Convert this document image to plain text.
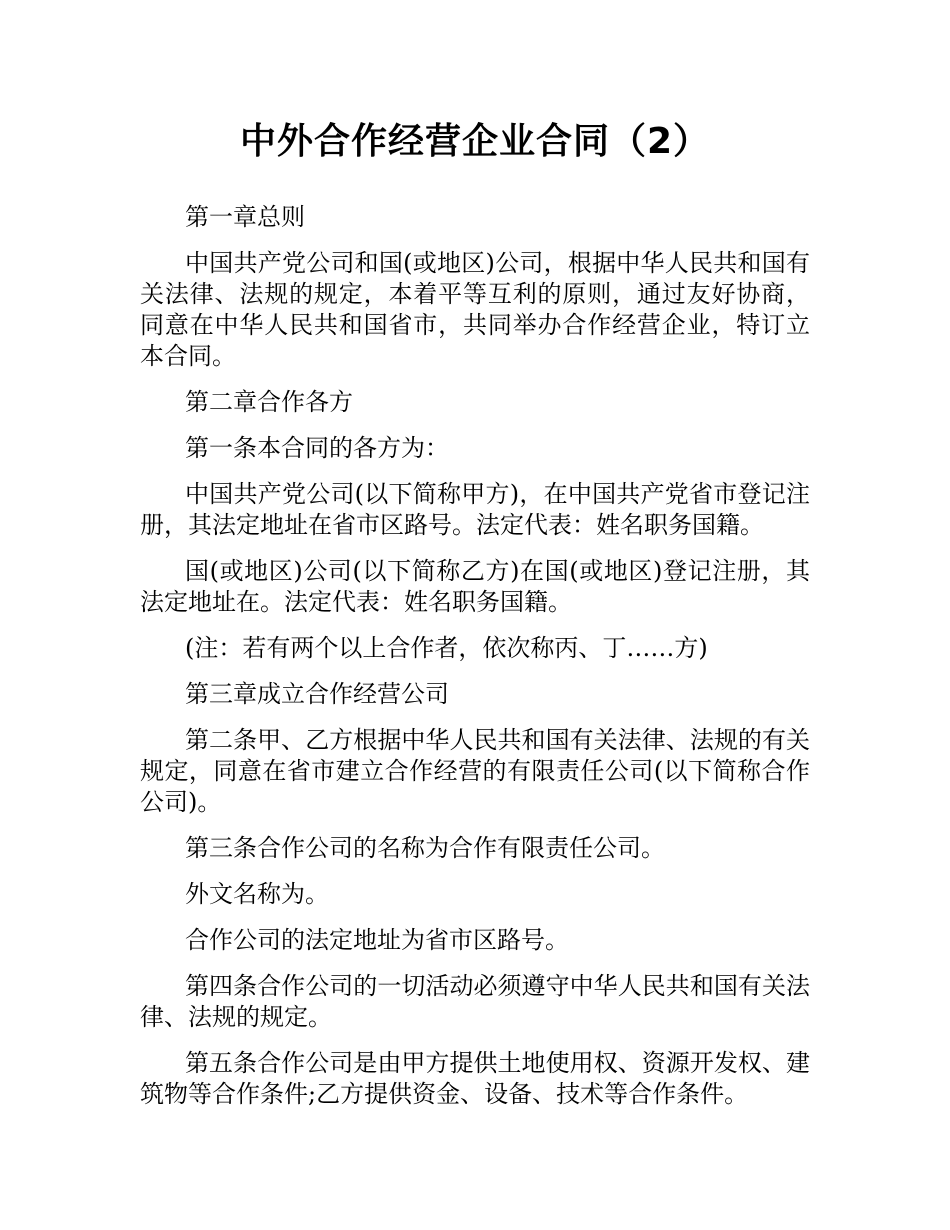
中外合作经营企业合同（2）

第一章总则

中国共产党公司和国(或地区)公司，根据中华人民共和国有关法律、法规的规定，本着平等互利的原则，通过友好协商，同意在中华人民共和国省市，共同举办合作经营企业，特订立本合同。

第二章合作各方

第一条本合同的各方为：

中国共产党公司(以下简称甲方)，在中国共产党省市登记注册，其法定地址在省市区路号。法定代表：姓名职务国籍。

国(或地区)公司(以下简称乙方)在国(或地区)登记注册，其法定地址在。法定代表：姓名职务国籍。

(注：若有两个以上合作者，依次称丙、丁……方)

第三章成立合作经营公司

第二条甲、乙方根据中华人民共和国有关法律、法规的有关规定，同意在省市建立合作经营的有限责任公司(以下简称合作公司)。

第三条合作公司的名称为合作有限责任公司。

外文名称为。

合作公司的法定地址为省市区路号。

第四条合作公司的一切活动必须遵守中华人民共和国有关法律、法规的规定。

第五条合作公司是由甲方提供土地使用权、资源开发权、建筑物等合作条件;乙方提供资金、设备、技术等合作条件。
